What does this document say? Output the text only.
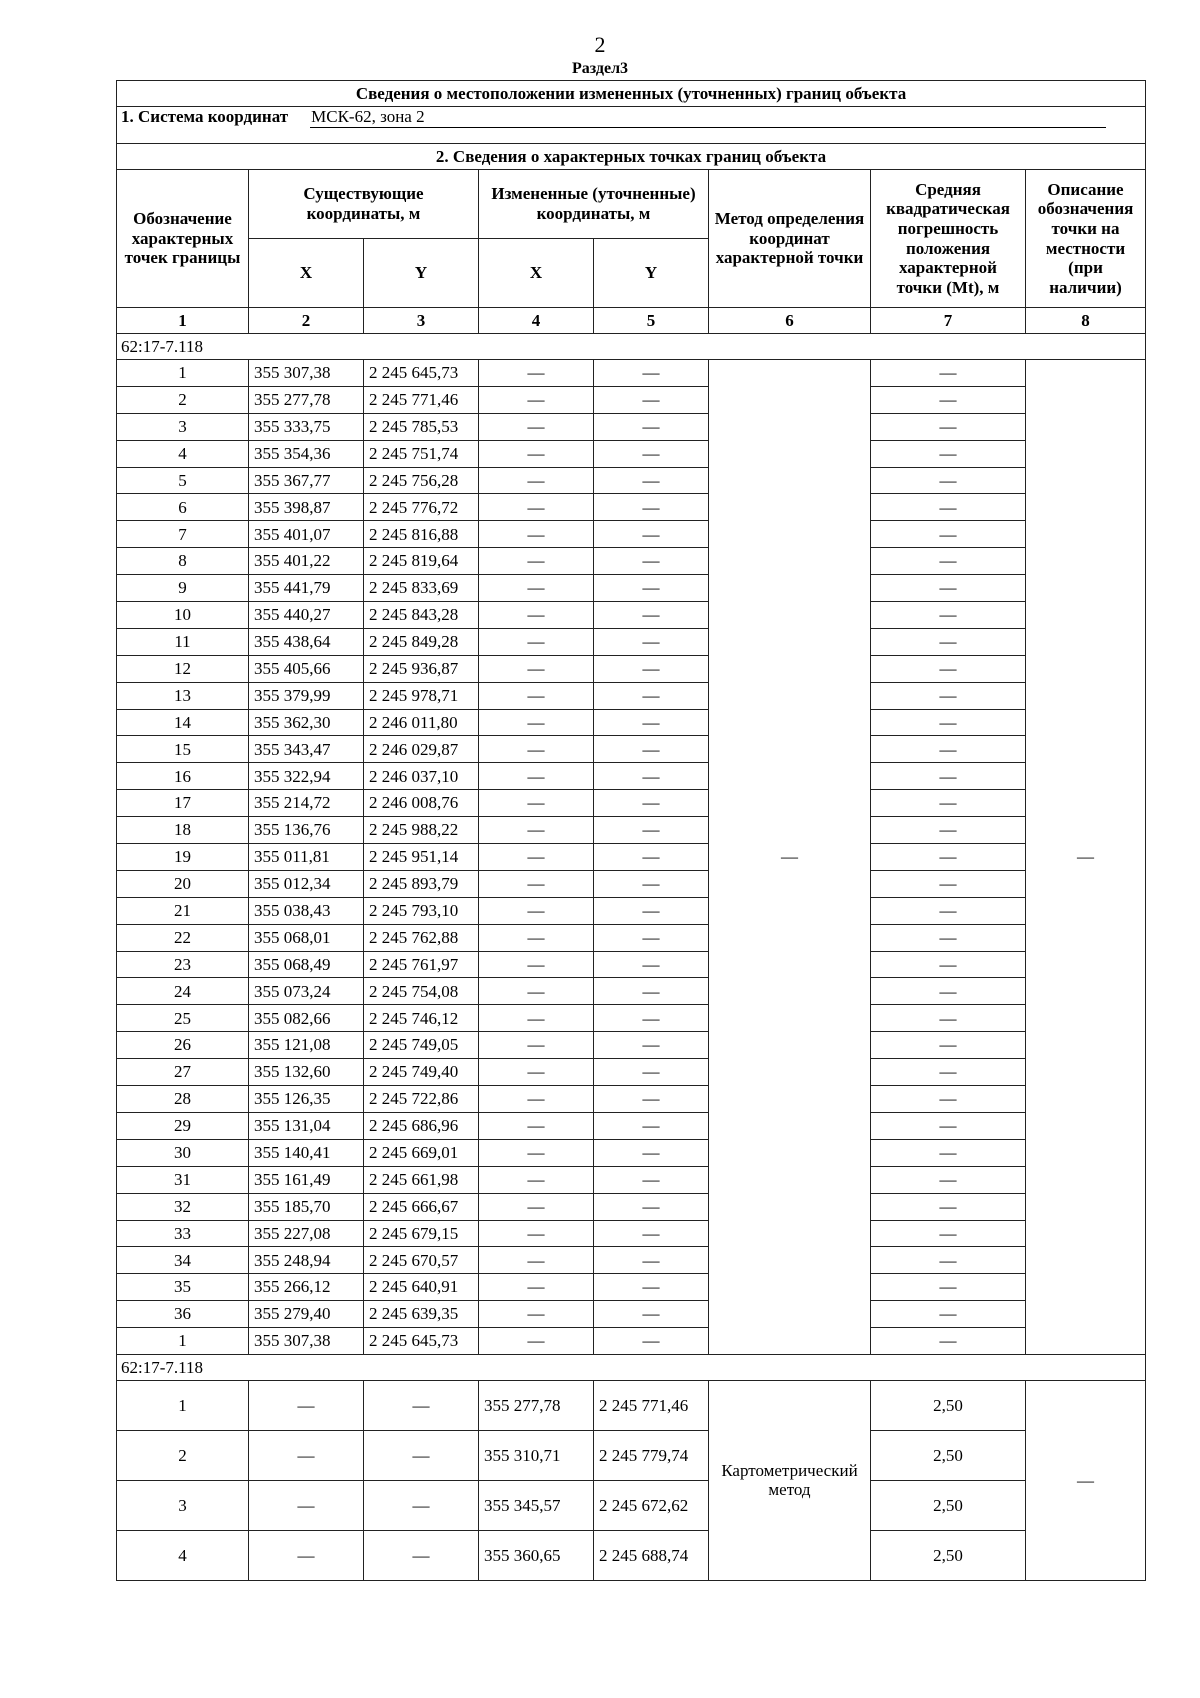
2
Раздел3
Сведения о местоположении измененных (уточненных) границ объекта							
1. Система координат МСК-62, зона 2							
2. Сведения о характерных точках границ объекта							
Обозначение характерных точек границы	Существующие координаты, м		Измененные (уточненные) координаты, м		Метод определения координат характерной точки	Средняя квадратическая погрешность положения характерной точки (Mt), м	Описание обозначения точки на местности (при наличии)
	X	Y	X	Y			
1	2	3	4	5	6	7	8
62:17-7.118							
1	355 307,38	2 245 645,73	—	—	—	—	—
2	355 277,78	2 245 771,46	—	—		—	
3	355 333,75	2 245 785,53	—	—		—	
4	355 354,36	2 245 751,74	—	—		—	
5	355 367,77	2 245 756,28	—	—		—	
6	355 398,87	2 245 776,72	—	—		—	
7	355 401,07	2 245 816,88	—	—		—	
8	355 401,22	2 245 819,64	—	—		—	
9	355 441,79	2 245 833,69	—	—		—	
10	355 440,27	2 245 843,28	—	—		—	
11	355 438,64	2 245 849,28	—	—		—	
12	355 405,66	2 245 936,87	—	—		—	
13	355 379,99	2 245 978,71	—	—		—	
14	355 362,30	2 246 011,80	—	—		—	
15	355 343,47	2 246 029,87	—	—		—	
16	355 322,94	2 246 037,10	—	—		—	
17	355 214,72	2 246 008,76	—	—		—	
18	355 136,76	2 245 988,22	—	—		—	
19	355 011,81	2 245 951,14	—	—		—	
20	355 012,34	2 245 893,79	—	—		—	
21	355 038,43	2 245 793,10	—	—		—	
22	355 068,01	2 245 762,88	—	—		—	
23	355 068,49	2 245 761,97	—	—		—	
24	355 073,24	2 245 754,08	—	—		—	
25	355 082,66	2 245 746,12	—	—		—	
26	355 121,08	2 245 749,05	—	—		—	
27	355 132,60	2 245 749,40	—	—		—	
28	355 126,35	2 245 722,86	—	—		—	
29	355 131,04	2 245 686,96	—	—		—	
30	355 140,41	2 245 669,01	—	—		—	
31	355 161,49	2 245 661,98	—	—		—	
32	355 185,70	2 245 666,67	—	—		—	
33	355 227,08	2 245 679,15	—	—		—	
34	355 248,94	2 245 670,57	—	—		—	
35	355 266,12	2 245 640,91	—	—		—	
36	355 279,40	2 245 639,35	—	—		—	
1	355 307,38	2 245 645,73	—	—		—	
62:17-7.118							
1	—	—	355 277,78	2 245 771,46	Картометрический метод	2,50	—
2	—	—	355 310,71	2 245 779,74		2,50	
3	—	—	355 345,57	2 245 672,62		2,50	
4	—	—	355 360,65	2 245 688,74		2,50	
